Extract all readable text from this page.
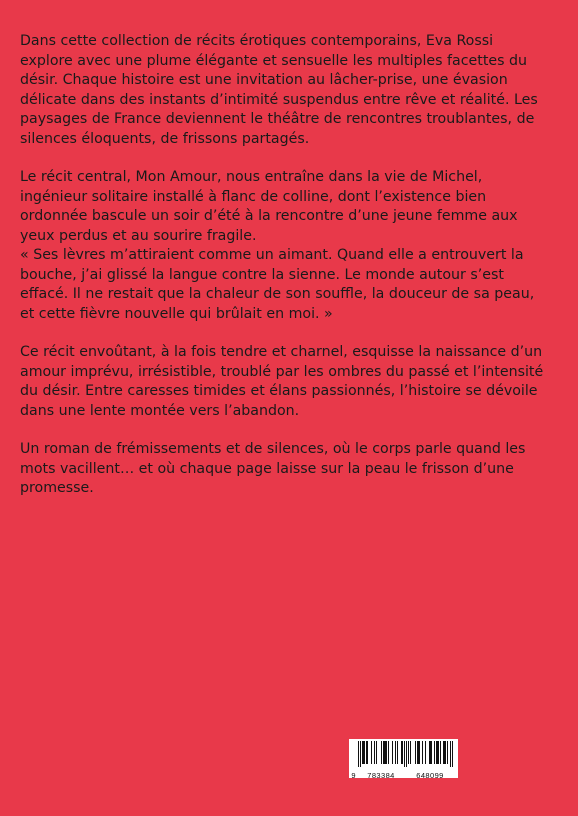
Dans cette collection de récits érotiques contemporains, Eva Rossi explore avec une plume élégante et sensuelle les multiples facettes du désir. Chaque histoire est une invitation au lâcher-prise, une évasion délicate dans des instants d’intimité suspendus entre rêve et réalité. Les paysages de France deviennent le théâtre de rencontres troublantes, de silences éloquents, de frissons partagés.

Le récit central, Mon Amour, nous entraîne dans la vie de Michel, ingénieur solitaire installé à flanc de colline, dont l’existence bien ordonnée bascule un soir d’été à la rencontre d’une jeune femme aux yeux perdus et au sourire fragile.

« Ses lèvres m’attiraient comme un aimant. Quand elle a entrouvert la bouche, j’ai glissé la langue contre la sienne. Le monde autour s’est effacé. Il ne restait que la chaleur de son souffle, la douceur de sa peau, et cette fièvre nouvelle qui brûlait en moi. »

Ce récit envoûtant, à la fois tendre et charnel, esquisse la naissance d’un amour imprévu, irrésistible, troublé par les ombres du passé et l’intensité du désir. Entre caresses timides et élans passionnés, l’histoire se dévoile dans une lente montée vers l’abandon.

Un roman de frémissements et de silences, où le corps parle quand les mots vacillent… et où chaque page laisse sur la peau le frisson d’une promesse.

9	783384	648099
